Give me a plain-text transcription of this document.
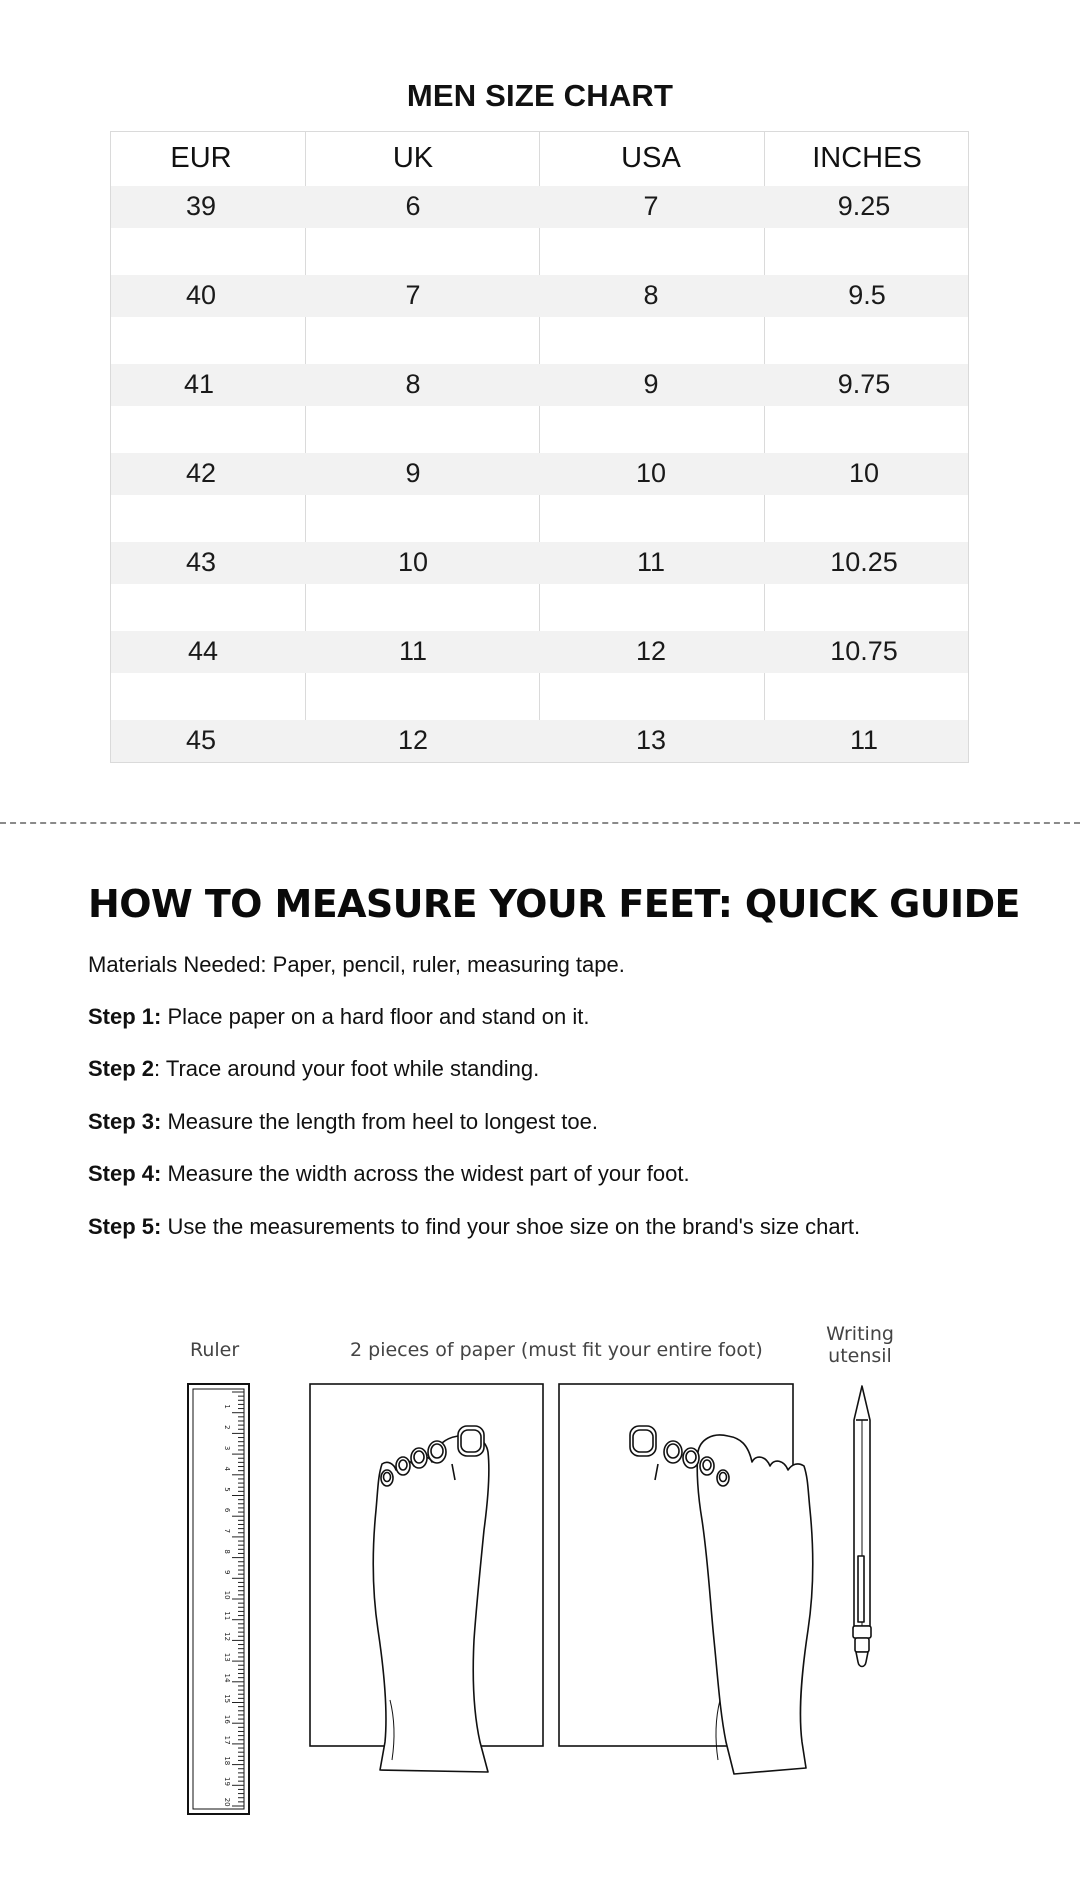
MEN SIZE CHART
EUR	UK	USA	INCHES
39	6	7	9.25
40	7	8	9.5
41	8	9	9.75
42	9	10	10
43	10	11	10.25
44	11	12	10.75
45	12	13	11
HOW TO MEASURE YOUR FEET: QUICK GUIDE
Materials Needed: Paper, pencil, ruler, measuring tape.
Step 1: Place paper on a hard floor and stand on it.
Step 2: Trace around your foot while standing.
Step 3: Measure the length from heel to longest toe.
Step 4: Measure the width across the widest part of your foot.
Step 5: Use the measurements to find your shoe size on the brand's size chart.
Ruler	2 pieces of paper (must fit your entire foot)
Writing
utensil
1
2
3
4
5
6
7
8
9
10
11
12
13
14
15
16
17
18
19
20
